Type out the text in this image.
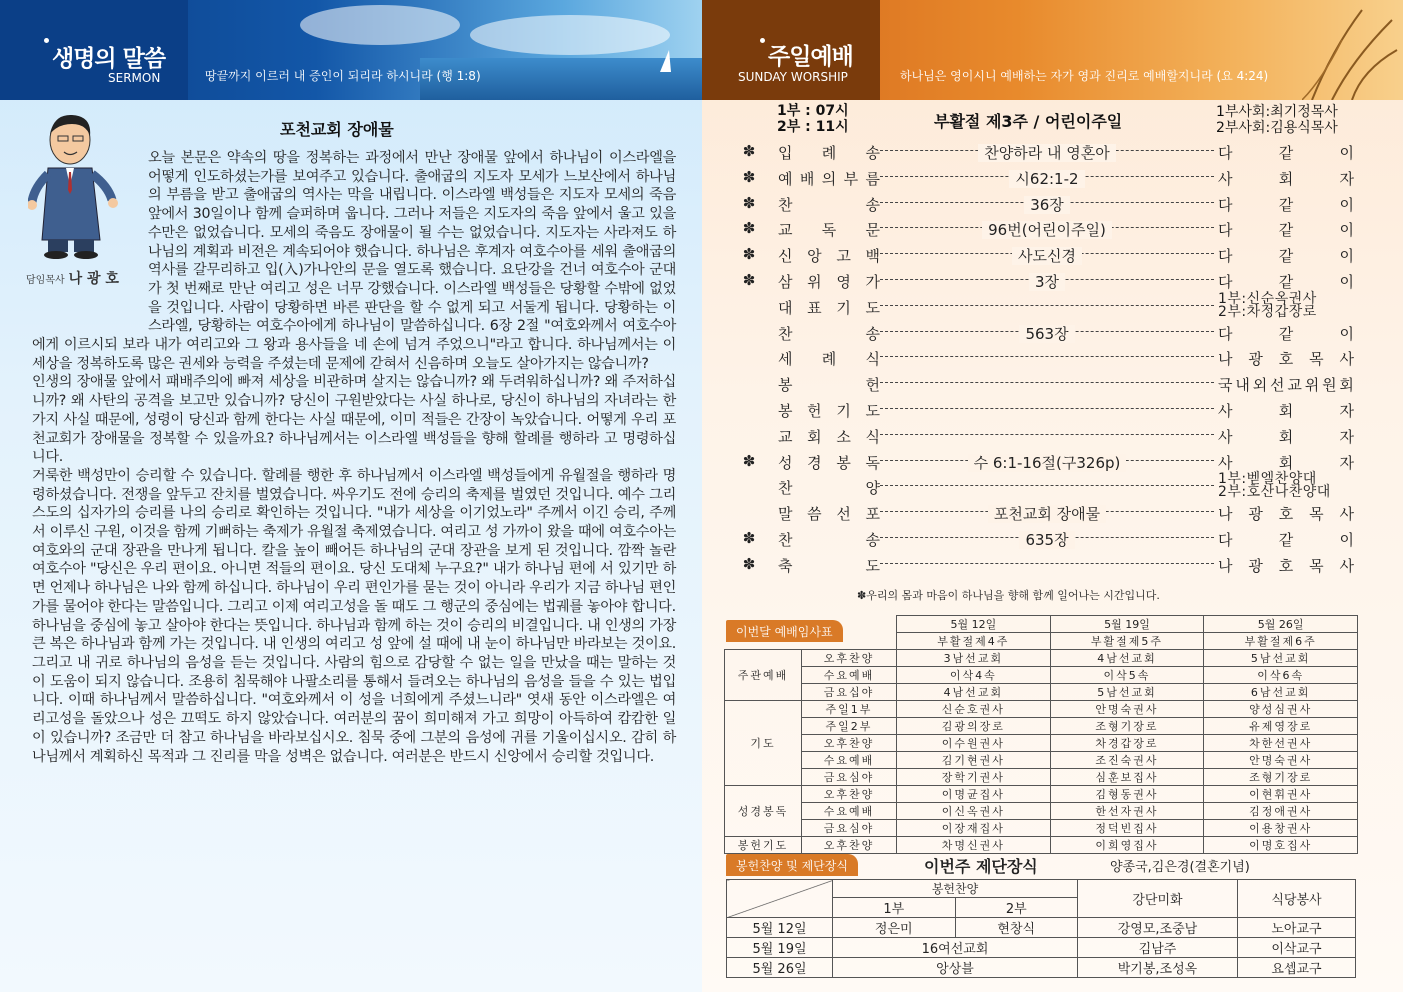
생명의 말씀
SERMON	땅끝까지 이르러 내 증인이 되리라 하시니라 (행 1:8)
담임목사 나 광 호
포천교회 장애물

오늘 본문은 약속의 땅을 정복하는 과정에서 만난 장애물 앞에서 하나님이 이스라엘을 어떻게 인도하셨는가를 보여주고 있습니다. 출애굽의 지도자 모세가 느보산에서 하나님의 부름을 받고 출애굽의 역사는 막을 내립니다. 이스라엘 백성들은 지도자 모세의 죽음 앞에서 30일이나 함께 슬퍼하며 웁니다. 그러나 저들은 지도자의 죽음 앞에서 울고 있을 수만은 없었습니다. 모세의 죽음도 장애물이 될 수는 없었습니다. 지도자는 사라져도 하나님의 계획과 비전은 계속되어야 했습니다. 하나님은 후계자 여호수아를 세워 출애굽의 역사를 갈무리하고 입(入)가나안의 문을 열도록 했습니다. 요단강을 건너 여호수아 군대가 첫 번째로 만난 여리고 성은 너무 강했습니다. 이스라엘 백성들은 당황할 수밖에 없었을 것입니다. 사람이 당황하면 바른 판단을 할 수 없게 되고 서둘게 됩니다. 당황하는 이스라엘, 당황하는 여호수아에게 하나님이 말씀하십니다. 6장 2절 "여호와께서 여호수아에게 이르시되 보라 내가 여리고와 그 왕과 용사들을 네 손에 넘겨 주었으니"라고 합니다. 하나님께서는 이 세상을 정복하도록 많은 권세와 능력을 주셨는데 문제에 갇혀서 신음하며 오늘도 살아가지는 않습니까?

인생의 장애물 앞에서 패배주의에 빠져 세상을 비관하며 살지는 않습니까? 왜 두려워하십니까? 왜 주저하십니까? 왜 사탄의 공격을 보고만 있습니까? 당신이 구원받았다는 사실 하나로, 당신이 하나님의 자녀라는 한 가지 사실 때문에, 성령이 당신과 함께 한다는 사실 때문에, 이미 적들은 간장이 녹았습니다. 어떻게 우리 포천교회가 장애물을 정복할 수 있을까요? 하나님께서는 이스라엘 백성들을 향해 할례를 행하라 고 명령하십니다.

거룩한 백성만이 승리할 수 있습니다. 할례를 행한 후 하나님께서 이스라엘 백성들에게 유월절을 행하라 명령하셨습니다. 전쟁을 앞두고 잔치를 벌였습니다. 싸우기도 전에 승리의 축제를 벌였던 것입니다. 예수 그리스도의 십자가의 승리를 나의 승리로 확인하는 것입니다. "내가 세상을 이기었노라" 주께서 이긴 승리, 주께서 이루신 구원, 이것을 함께 기뻐하는 축제가 유월절 축제였습니다. 여리고 성 가까이 왔을 때에 여호수아는 여호와의 군대 장관을 만나게 됩니다. 칼을 높이 빼어든 하나님의 군대 장관을 보게 된 것입니다. 깜짝 놀란 여호수아 "당신은 우리 편이요. 아니면 적들의 편이요. 당신 도대체 누구요?" 내가 하나님 편에 서 있기만 하면 언제나 하나님은 나와 함께 하십니다. 하나님이 우리 편인가를 묻는 것이 아니라 우리가 지금 하나님 편인가를 물어야 한다는 말씀입니다. 그리고 이제 여리고성을 돌 때도 그 행군의 중심에는 법궤를 놓아야 합니다.

하나님을 중심에 놓고 살아야 한다는 뜻입니다. 하나님과 함께 하는 것이 승리의 비결입니다. 내 인생의 가장 큰 복은 하나님과 함께 가는 것입니다. 내 인생의 여리고 성 앞에 설 때에 내 눈이 하나님만 바라보는 것이요. 그리고 내 귀로 하나님의 음성을 듣는 것입니다. 사람의 힘으로 감당할 수 없는 일을 만났을 때는 말하는 것이 도움이 되지 않습니다. 조용히 침묵해야 나팔소리를 통해서 들려오는 하나님의 음성을 들을 수 있는 법입니다. 이때 하나님께서 말씀하십니다. "여호와께서 이 성을 너희에게 주셨느니라" 엿새 동안 이스라엘은 여리고성을 돌았으나 성은 끄떡도 하지 않았습니다. 여러분의 꿈이 희미해져 가고 희망이 아득하여 캄캄한 일이 있습니까? 조금만 더 참고 하나님을 바라보십시오. 침묵 중에 그분의 음성에 귀를 기울이십시오. 감히 하나님께서 계획하신 목적과 그 진리를 막을 성벽은 없습니다. 여러분은 반드시 신앙에서 승리할 것입니다.

주일예배
SUNDAY WORSHIP	하나님은 영이시니 예배하는 자가 영과 진리로 예배할지니라 (요 4:24)
1부 : 07시
2부 : 11시	부활절 제3주 / 어린이주일	1부사회:최기정목사
2부사회:김용식목사
✽ 입 례 송	찬양하라 내 영혼아	다	같	이
✽ 예 배 의 부 름	시62:1-2	사	회	자
✽ 찬	송	36장	다	같	이
✽ 교 독 문	96번(어린이주일)	다	같	이
✽ 신 앙 고 백	사도신경	다	같	이
✽ 삼 위 영 가	3장	다	같	이
대 표 기 도	1부:신순옥권사
2부:차정갑장로
찬	송	563장	다	같	이
세 례 식	나 광 호 목 사
봉	헌	국 내 외 선 교 위 원 회
봉 헌 기 도	사	회	자
교 회 소 식	사	회	자
✽ 성 경 봉 독	수 6:1-16절(구326p)	사	회	자
찬	양	1부:벧엘찬양대
2부:호산나찬양대
말 씀 선 포	포천교회 장애물	나 광 호 목 사
✽ 찬	송	635장	다	같	이
✽ 축	도	나 광 호 목 사
✽우리의 몸과 마음이 하나님을 향해 함께 일어나는 시간입니다.
이번달 예배임사표
		5월 12일	5월 19일	5월 26일
		부활절제4주	부활절제5주	부활절제6주
주관예배	오후찬양	3남선교회	4남선교회	5남선교회
	수요예배	이삭4속	이삭5속	이삭6속
	금요십야	4남선교회	5남선교회	6남선교회
기도	주일1부	신순호권사	안명숙권사	양성심권사
	주일2부	김광의장로	조형기장로	유제영장로
	오후찬양	이수원권사	차경갑장로	차한선권사
	수요예배	김기현권사	조진숙권사	안명숙권사
	금요심야	장학기권사	심훈보집사	조형기장로
성경봉독	오후찬양	이명균집사	김형동권사	이현휘권사
	수요예배	이신옥권사	한선자권사	김정애권사
	금요심야	이장재집사	정덕빈집사	이용창권사
봉헌기도	오후찬양	차명신권사	이희영집사	이명호집사
봉헌찬양 및 제단장식	이번주 제단장식	양종국,김은경(결혼기념)
	봉헌찬양		강단미화	식당봉사
	1부	2부		
5월 12일	정은미	현창식	강영모,조중남	노아교구
5월 19일	16여선교회		김남주	이삭교구
5월 26일	앙상블		박기봉,조성옥	요셉교구
